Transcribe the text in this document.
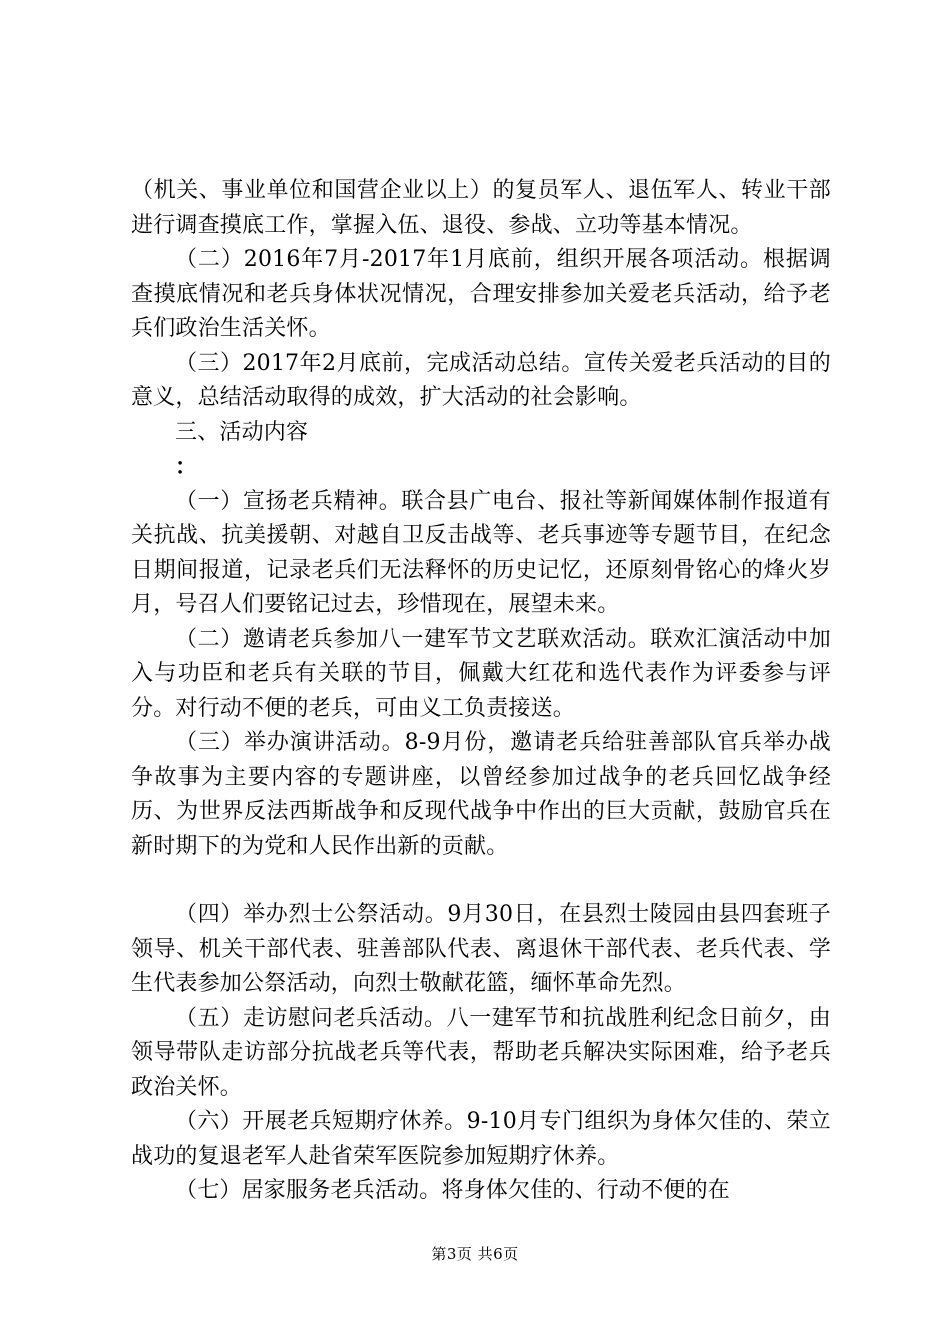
（机关、事业单位和国营企业以上）的复员军人、退伍军人、转业干部进行调查摸底工作，掌握入伍、退役、参战、立功等基本情况。

（二）2016年7月-2017年1月底前，组织开展各项活动。根据调查摸底情况和老兵身体状况情况，合理安排参加关爱老兵活动，给予老兵们政治生活关怀。

（三）2017年2月底前，完成活动总结。宣传关爱老兵活动的目的意义，总结活动取得的成效，扩大活动的社会影响。

三、活动内容

：

（一）宣扬老兵精神。联合县广电台、报社等新闻媒体制作报道有关抗战、抗美援朝、对越自卫反击战等、老兵事迹等专题节目，在纪念日期间报道，记录老兵们无法释怀的历史记忆，还原刻骨铭心的烽火岁月，号召人们要铭记过去，珍惜现在，展望未来。

（二）邀请老兵参加八一建军节文艺联欢活动。联欢汇演活动中加入与功臣和老兵有关联的节目，佩戴大红花和选代表作为评委参与评分。对行动不便的老兵，可由义工负责接送。

（三）举办演讲活动。8-9月份，邀请老兵给驻善部队官兵举办战争故事为主要内容的专题讲座，以曾经参加过战争的老兵回忆战争经历、为世界反法西斯战争和反现代战争中作出的巨大贡献，鼓励官兵在新时期下的为党和人民作出新的贡献。

（四）举办烈士公祭活动。9月30日，在县烈士陵园由县四套班子领导、机关干部代表、驻善部队代表、离退休干部代表、老兵代表、学生代表参加公祭活动，向烈士敬献花篮，缅怀革命先烈。

（五）走访慰问老兵活动。八一建军节和抗战胜利纪念日前夕，由领导带队走访部分抗战老兵等代表，帮助老兵解决实际困难，给予老兵政治关怀。

（六）开展老兵短期疗休养。9-10月专门组织为身体欠佳的、荣立战功的复退老军人赴省荣军医院参加短期疗休养。

（七）居家服务老兵活动。将身体欠佳的、行动不便的在

第3页 共6页
